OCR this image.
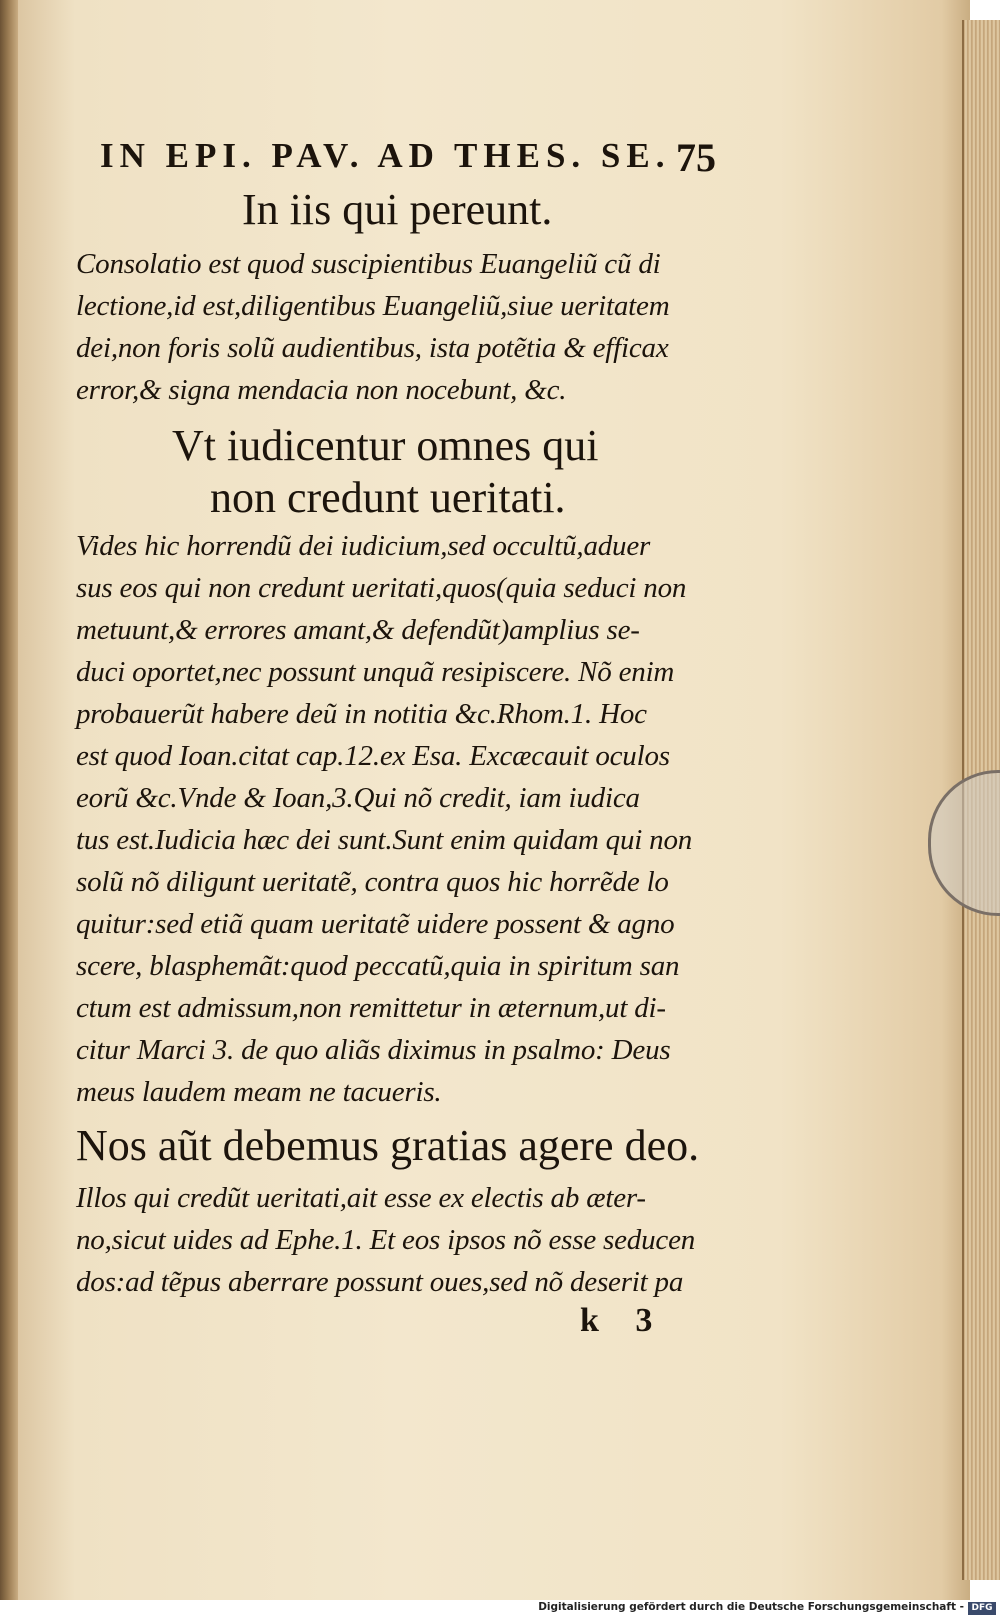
IN EPI. PAV. AD THES. SE. 75
In iis qui pereunt.
Consolatio est quod suscipientibus Euangeliũ cũ di
lectione,id est,diligentibus Euangeliũ,siue ueritatem
dei,non foris solũ audientibus, ista potẽtia & efficax
error,& signa mendacia non nocebunt, &c.
Vt iudicentur omnes qui
non credunt ueritati.
Vides hic horrendũ dei iudicium,sed occultũ,aduer
sus eos qui non credunt ueritati,quos(quia seduci non
metuunt,& errores amant,& defendũt)amplius se-
duci oportet,nec possunt unquã resipiscere. Nõ enim
probauerũt habere deũ in notitia &c.Rhom.1. Hoc
est quod Ioan.citat cap.12.ex Esa. Excæcauit oculos
eorũ &c.Vnde & Ioan,3.Qui nõ credit, iam iudica
tus est.Iudicia hæc dei sunt.Sunt enim quidam qui non
solũ nõ diligunt ueritatẽ, contra quos hic horrẽde lo
quitur:sed etiã quam ueritatẽ uidere possent & agno
scere, blasphemãt:quod peccatũ,quia in spiritum san
ctum est admissum,non remittetur in æternum,ut di-
citur Marci 3. de quo aliãs diximus in psalmo: Deus
meus laudem meam ne tacueris.
Nos aũt debemus gratias agere deo.
Illos qui credũt ueritati,ait esse ex electis ab æter-
no,sicut uides ad Ephe.1. Et eos ipsos nõ esse seducen
dos:ad tẽpus aberrare possunt oues,sed nõ deserit pa
k 3
Digitalisierung gefördert durch die Deutsche Forschungsgemeinschaft - DFG
